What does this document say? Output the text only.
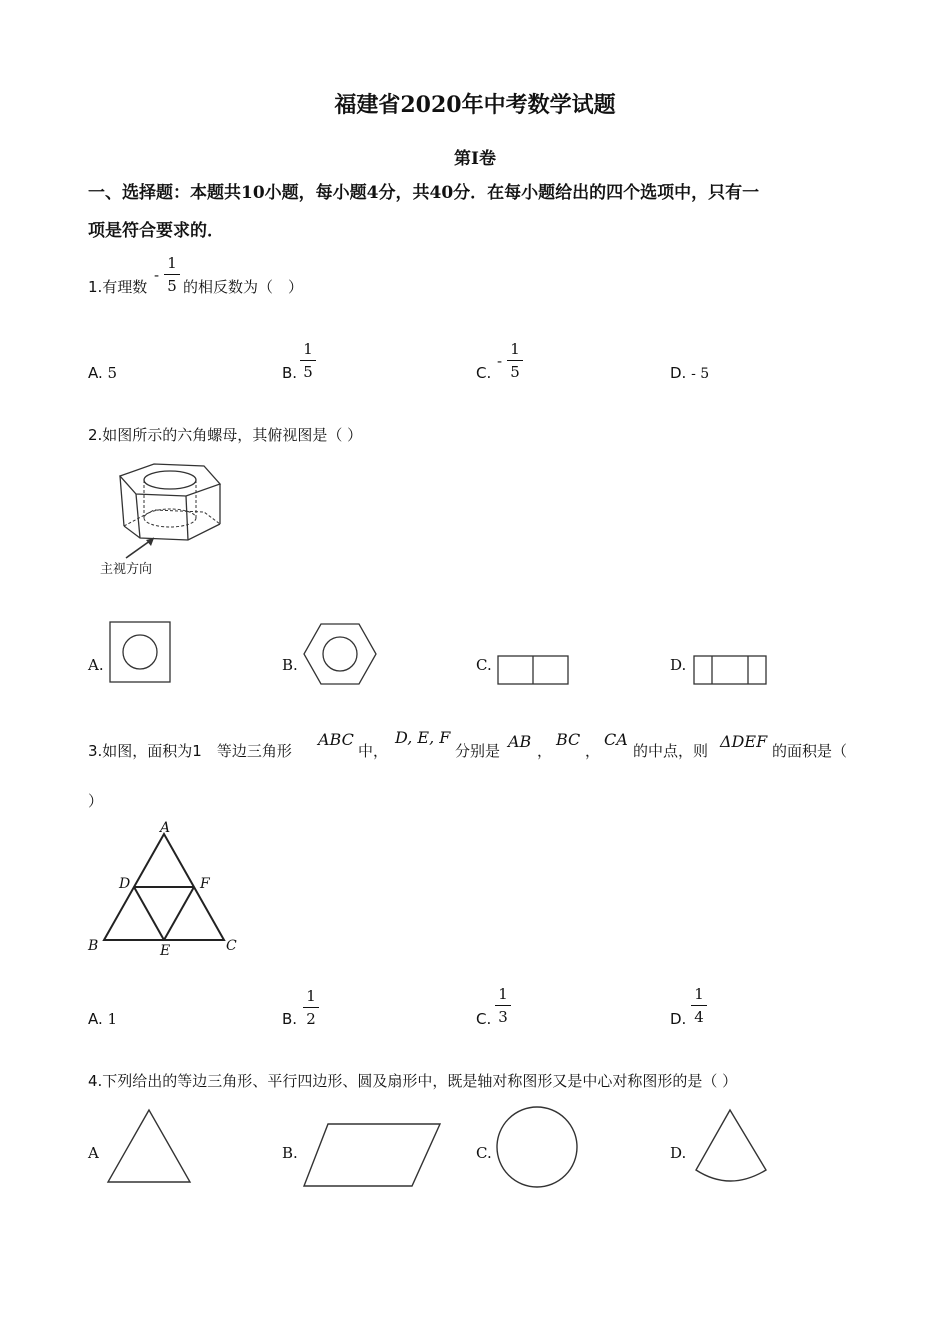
福建省2020年中考数学试题
第Ⅰ卷
一、选择题：本题共10小题，每小题4分，共40分．在每小题给出的四个选项中，只有一
项是符合要求的．
1.有理数
-
1
5 的相反数为（　）
A. 5	B.
1
5	C.
-
1
5	D. - 5
2.如图所示的六角螺母，其俯视图是（ ）
主视方向
A.	B.	C.	D.
3.如图，面积为1　等边三角形
ABC
中，
D, E, F
分别是 AB ，
BC
，
CA
的中点，则 ΔDEF 的面积是（
）
A
D	F
B	E	C
A. 1	B.
1
2	C.
1
3	D.
1
4
4.下列给出的等边三角形、平行四边形、圆及扇形中，既是轴对称图形又是中心对称图形的是（ ）
A	B.	C.	D.
